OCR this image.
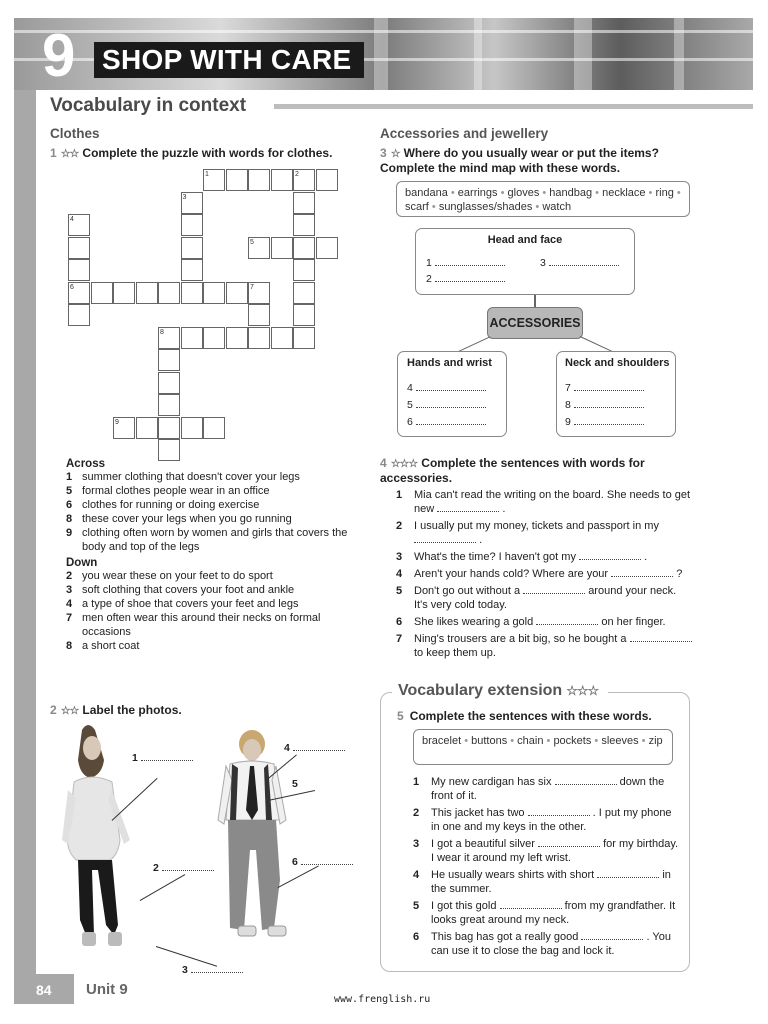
9 SHOP WITH CARE
Vocabulary in context
Clothes
1 ☆☆ Complete the puzzle with words for clothes.
1	2
3
4
5
6	7
8
9
Across
1 summer clothing that doesn't cover your legs
5 formal clothes people wear in an office
6 clothes for running or doing exercise
8 these cover your legs when you go running
9 clothing often worn by women and girls that covers the body and top of the legs
Down
2 you wear these on your feet to do sport
3 soft clothing that covers your foot and ankle
4 a type of shoe that covers your feet and legs
7 men often wear this around their necks on formal occasions
8 a short coat
2 ☆☆ Label the photos.
1
2
3
4
5
6
Accessories and jewellery
3 ☆ Where do you usually wear or put the items? Complete the mind map with these words.
bandana • earrings • gloves • handbag • necklace • ring • scarf • sunglasses/shades • watch
Head and face
1	3
2
ACCESSORIES
Hands and wrist
4
5
6
Neck and shoulders
7
8
9
4 ☆☆☆ Complete the sentences with words for accessories.
1 Mia can't read the writing on the board. She needs to get new	.
2 I usually put my money, tickets and passport in my  .
3 What's the time? I haven't got my	.
4 Aren't your hands cold? Where are your	?
5 Don't go out without a	around your neck. It's very cold today.
6 She likes wearing a gold	on her finger.
7 Ning's trousers are a bit big, so he bought a  to keep them up.
Vocabulary extension ☆☆☆
5 Complete the sentences with these words.
bracelet • buttons • chain • pockets • sleeves • zip
1 My new cardigan has six	down the front of it.
2 This jacket has two	. I put my phone in one and my keys in the other.
3 I got a beautiful silver	for my birthday. I wear it around my left wrist.
4 He usually wears shirts with short	in the summer.
5 I got this gold	from my grandfather. It looks great around my neck.
6 This bag has got a really good	. You can use it to close the bag and lock it.
84 Unit 9
www.frenglish.ru
